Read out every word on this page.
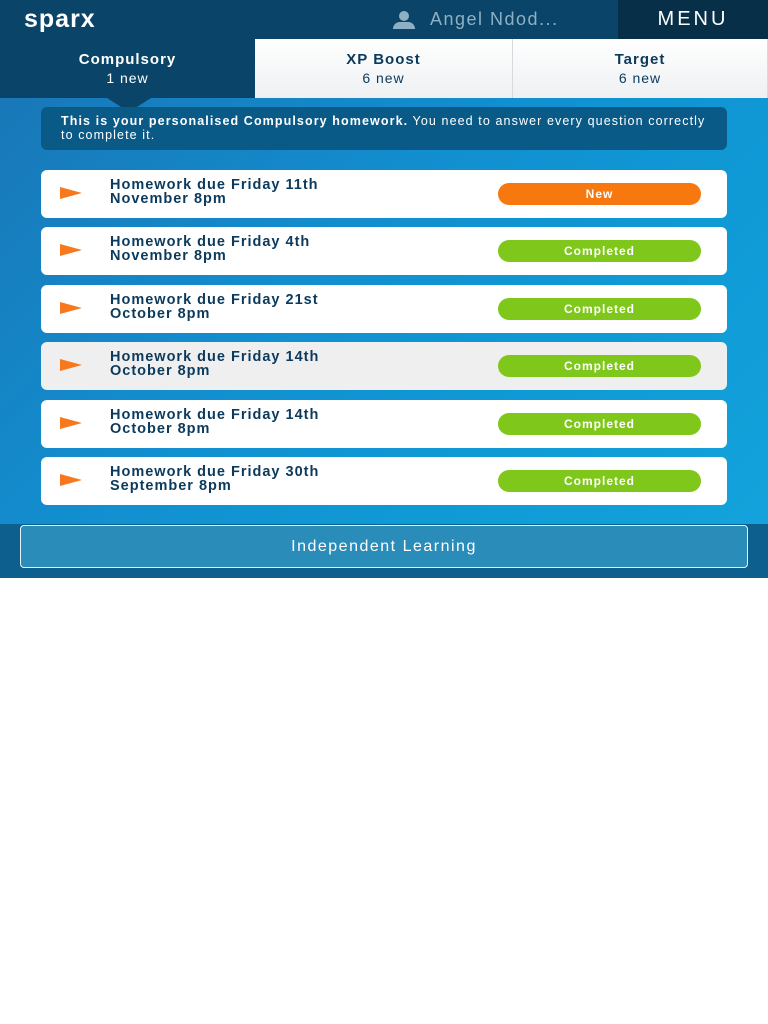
sparx	Angel Ndod...	MENU
Compulsory
1 new
XP Boost
6 new
Target
6 new
This is your personalised Compulsory homework. You need to answer every question correctly to complete it.
Homework due Friday 11th
November 8pm	New
Homework due Friday 4th
November 8pm	Completed
Homework due Friday 21st
October 8pm	Completed
Homework due Friday 14th
October 8pm	Completed
Homework due Friday 14th
October 8pm	Completed
Homework due Friday 30th
September 8pm	Completed
Independent Learning
